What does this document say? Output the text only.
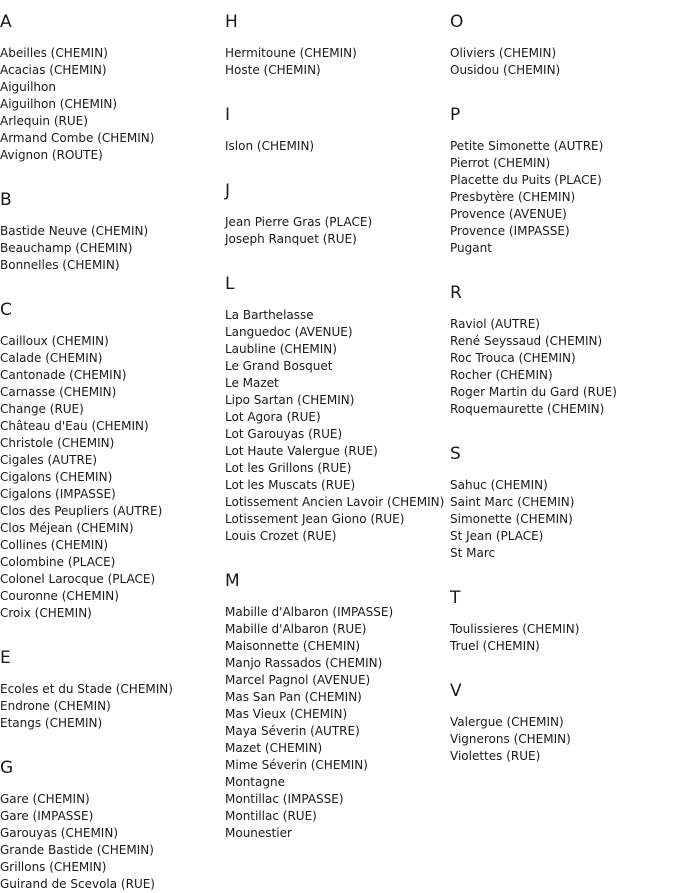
A
Abeilles (CHEMIN)
Acacias (CHEMIN)
Aiguilhon
Aiguilhon (CHEMIN)
Arlequin (RUE)
Armand Combe (CHEMIN)
Avignon (ROUTE)
B
Bastide Neuve (CHEMIN)
Beauchamp (CHEMIN)
Bonnelles (CHEMIN)
C
Cailloux (CHEMIN)
Calade (CHEMIN)
Cantonade (CHEMIN)
Carnasse (CHEMIN)
Change (RUE)
Château d'Eau (CHEMIN)
Christole (CHEMIN)
Cigales (AUTRE)
Cigalons (CHEMIN)
Cigalons (IMPASSE)
Clos des Peupliers (AUTRE)
Clos Méjean (CHEMIN)
Collines (CHEMIN)
Colombine (PLACE)
Colonel Larocque (PLACE)
Couronne (CHEMIN)
Croix (CHEMIN)
E
Ecoles et du Stade (CHEMIN)
Endrone (CHEMIN)
Etangs (CHEMIN)
G
Gare (CHEMIN)
Gare (IMPASSE)
Garouyas (CHEMIN)
Grande Bastide (CHEMIN)
Grillons (CHEMIN)
Guirand de Scevola (RUE)
H
Hermitoune (CHEMIN)
Hoste (CHEMIN)
I
Islon (CHEMIN)
J
Jean Pierre Gras (PLACE)
Joseph Ranquet (RUE)
L
La Barthelasse
Languedoc (AVENUE)
Laubline (CHEMIN)
Le Grand Bosquet
Le Mazet
Lipo Sartan (CHEMIN)
Lot Agora (RUE)
Lot Garouyas (RUE)
Lot Haute Valergue (RUE)
Lot les Grillons (RUE)
Lot les Muscats (RUE)
Lotissement Ancien Lavoir (CHEMIN)
Lotissement Jean Giono (RUE)
Louis Crozet (RUE)
M
Mabille d'Albaron (IMPASSE)
Mabille d'Albaron (RUE)
Maisonnette (CHEMIN)
Manjo Rassados (CHEMIN)
Marcel Pagnol (AVENUE)
Mas San Pan (CHEMIN)
Mas Vieux (CHEMIN)
Maya Séverin (AUTRE)
Mazet (CHEMIN)
Mime Séverin (CHEMIN)
Montagne
Montillac (IMPASSE)
Montillac (RUE)
Mounestier
O
Oliviers (CHEMIN)
Ousidou (CHEMIN)
P
Petite Simonette (AUTRE)
Pierrot (CHEMIN)
Placette du Puits (PLACE)
Presbytère (CHEMIN)
Provence (AVENUE)
Provence (IMPASSE)
Pugant
R
Raviol (AUTRE)
René Seyssaud (CHEMIN)
Roc Trouca (CHEMIN)
Rocher (CHEMIN)
Roger Martin du Gard (RUE)
Roquemaurette (CHEMIN)
S
Sahuc (CHEMIN)
Saint Marc (CHEMIN)
Simonette (CHEMIN)
St Jean (PLACE)
St Marc
T
Toulissieres (CHEMIN)
Truel (CHEMIN)
V
Valergue (CHEMIN)
Vignerons (CHEMIN)
Violettes (RUE)
